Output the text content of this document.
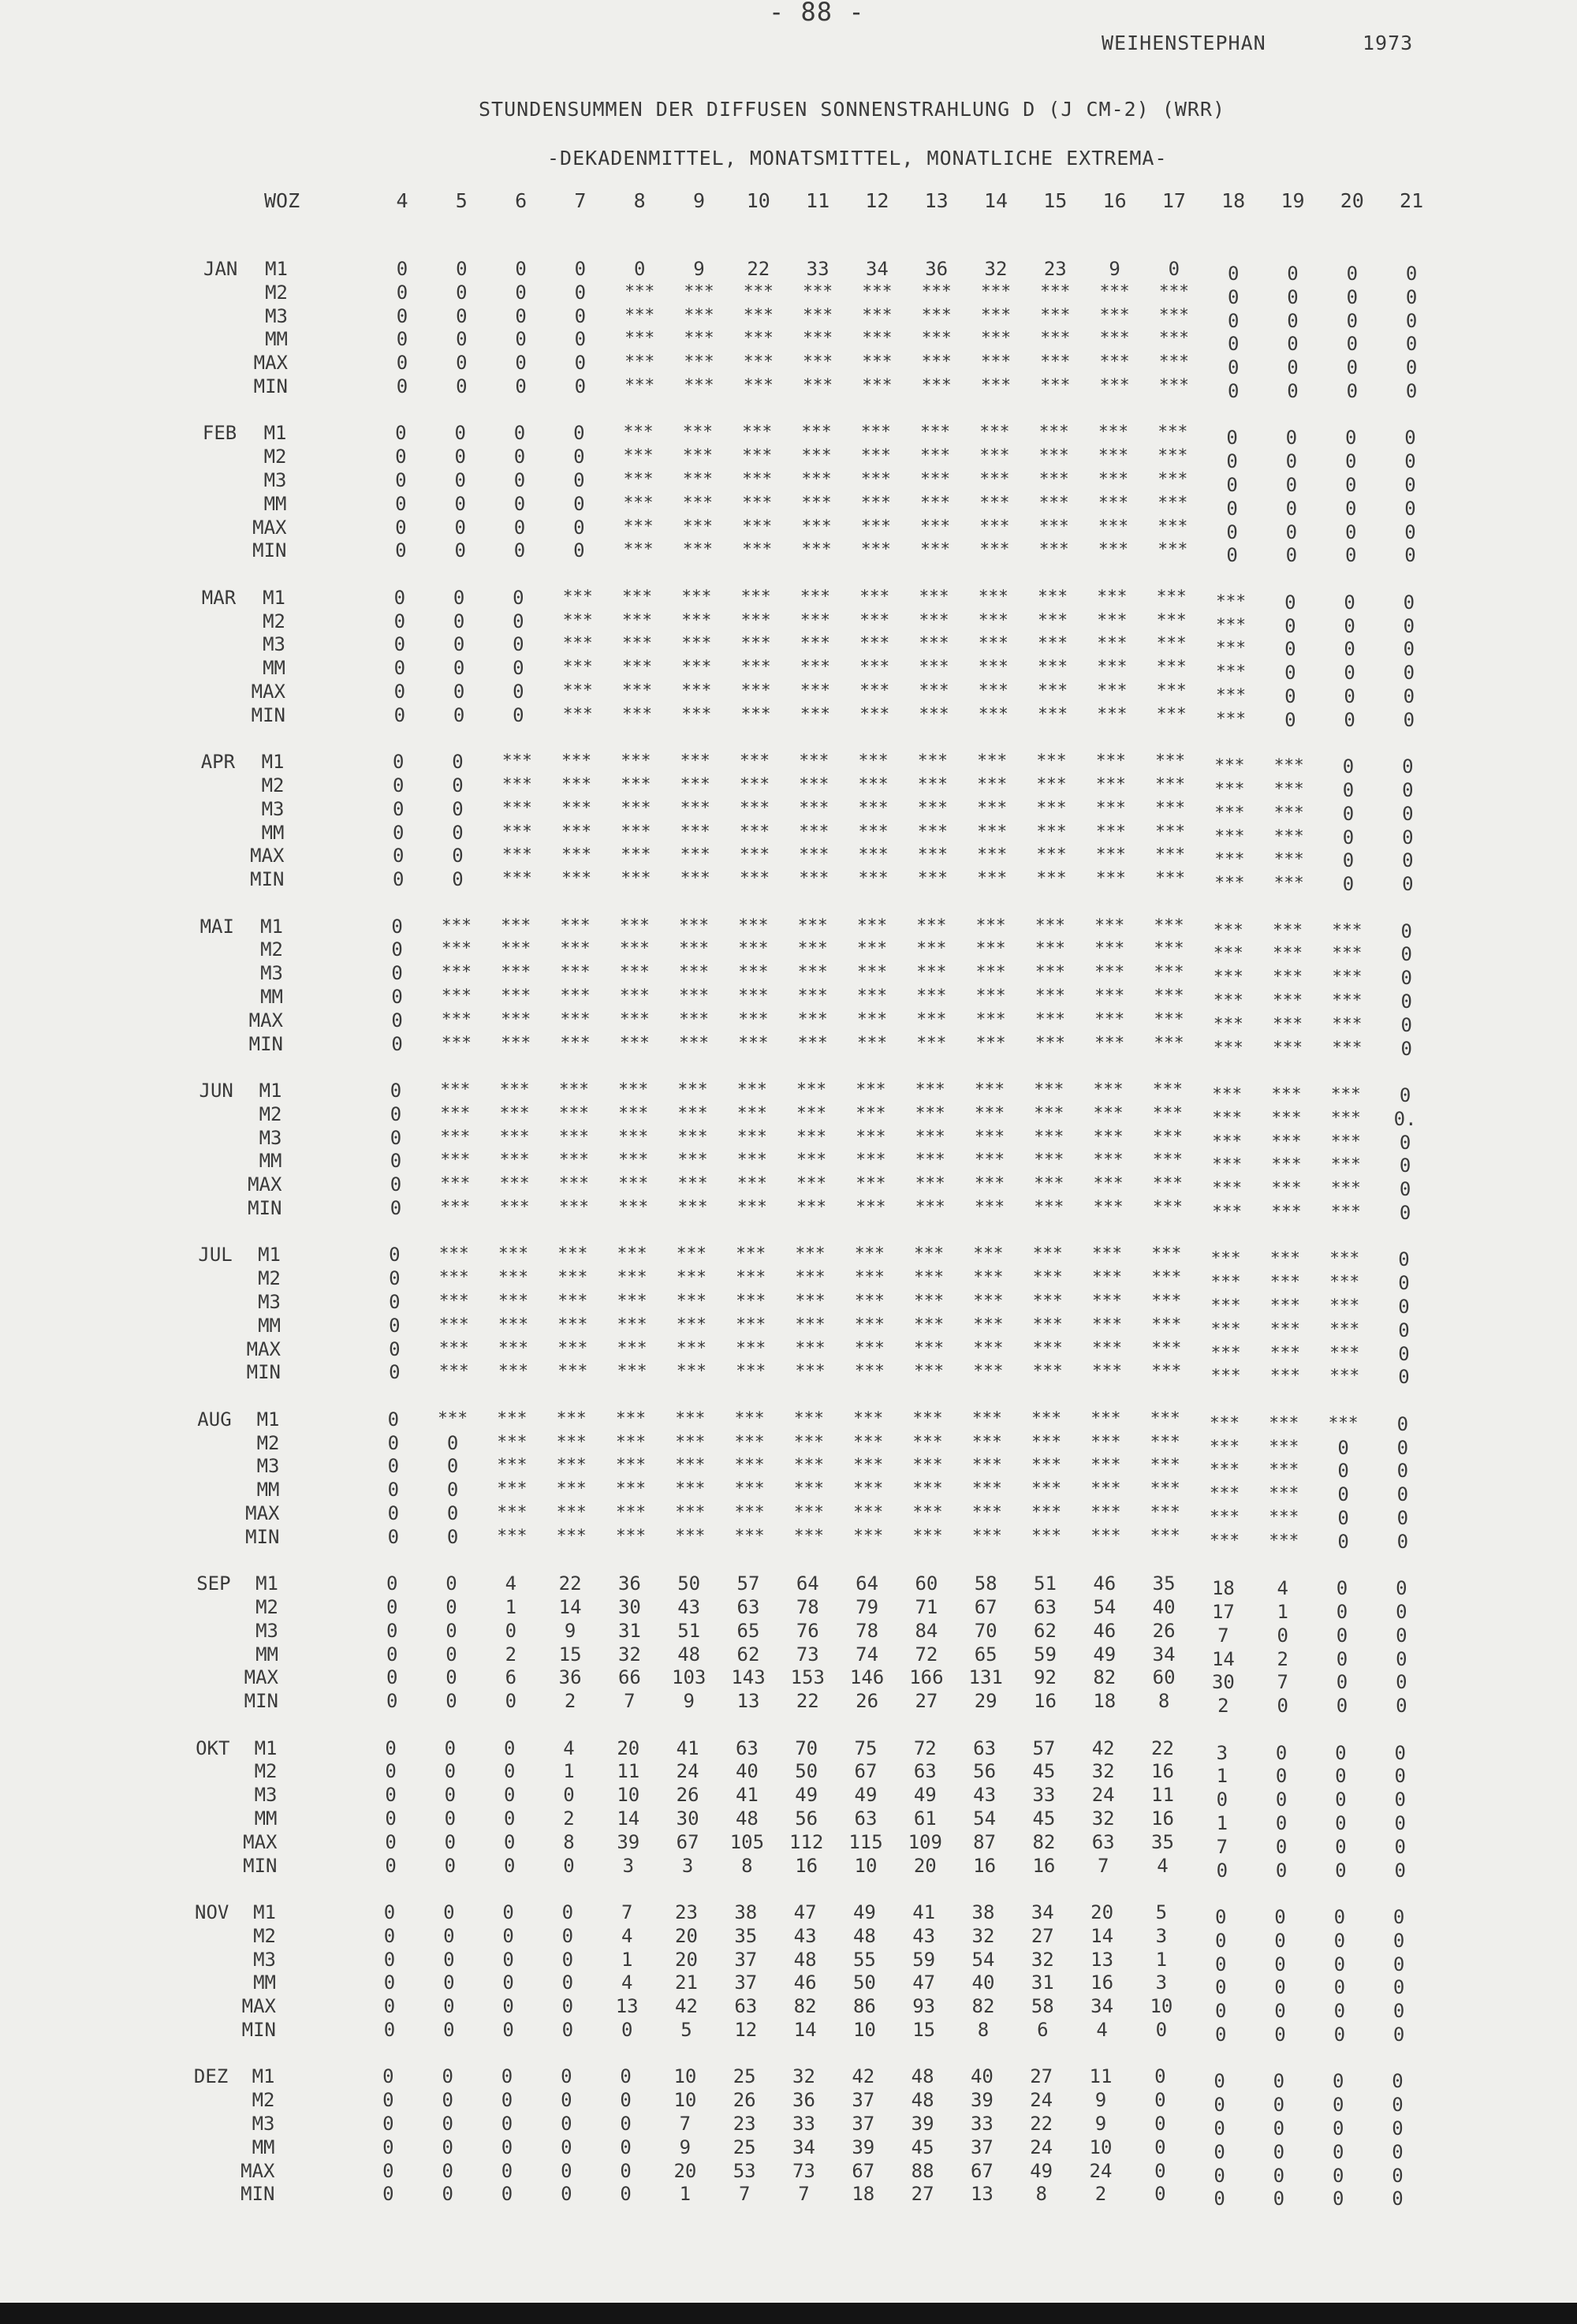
- 88 -
WEIHENSTEPHAN	1973
STUNDENSUMMEN DER DIFFUSEN SONNENSTRAHLUNG D (J CM-2) (WRR)
-DEKADENMITTEL, MONATSMITTEL, MONATLICHE EXTREMA-
WOZ	4	5	6	7	8	9	10	11	12	13	14	15	16	17	18	19	20	21
JAN	M1	0	0	0	0	0	9	22	33	34	36	32	23	9	0	0	0	0	0
M2	0	0	0	0	***	***	***	***	***	***	***	***	***	***	0	0	0	0
M3	0	0	0	0	***	***	***	***	***	***	***	***	***	***	0	0	0	0
MM	0	0	0	0	***	***	***	***	***	***	***	***	***	***	0	0	0	0
MAX	0	0	0	0	***	***	***	***	***	***	***	***	***	***	0	0	0	0
MIN	0	0	0	0	***	***	***	***	***	***	***	***	***	***	0	0	0	0
FEB	M1	0	0	0	0	***	***	***	***	***	***	***	***	***	***	0	0	0	0
M2	0	0	0	0	***	***	***	***	***	***	***	***	***	***	0	0	0	0
M3	0	0	0	0	***	***	***	***	***	***	***	***	***	***	0	0	0	0
MM	0	0	0	0	***	***	***	***	***	***	***	***	***	***	0	0	0	0
MAX	0	0	0	0	***	***	***	***	***	***	***	***	***	***	0	0	0	0
MIN	0	0	0	0	***	***	***	***	***	***	***	***	***	***	0	0	0	0
MAR	M1	0	0	0	***	***	***	***	***	***	***	***	***	***	***	***	0	0	0
M2	0	0	0	***	***	***	***	***	***	***	***	***	***	***	***	0	0	0
M3	0	0	0	***	***	***	***	***	***	***	***	***	***	***	***	0	0	0
MM	0	0	0	***	***	***	***	***	***	***	***	***	***	***	***	0	0	0
MAX	0	0	0	***	***	***	***	***	***	***	***	***	***	***	***	0	0	0
MIN	0	0	0	***	***	***	***	***	***	***	***	***	***	***	***	0	0	0
APR	M1	0	0	***	***	***	***	***	***	***	***	***	***	***	***	***	***	0	0
M2	0	0	***	***	***	***	***	***	***	***	***	***	***	***	***	***	0	0
M3	0	0	***	***	***	***	***	***	***	***	***	***	***	***	***	***	0	0
MM	0	0	***	***	***	***	***	***	***	***	***	***	***	***	***	***	0	0
MAX	0	0	***	***	***	***	***	***	***	***	***	***	***	***	***	***	0	0
MIN	0	0	***	***	***	***	***	***	***	***	***	***	***	***	***	***	0	0
MAI	M1	0	***	***	***	***	***	***	***	***	***	***	***	***	***	***	***	***	0
M2	0	***	***	***	***	***	***	***	***	***	***	***	***	***	***	***	***	0
M3	0	***	***	***	***	***	***	***	***	***	***	***	***	***	***	***	***	0
MM	0	***	***	***	***	***	***	***	***	***	***	***	***	***	***	***	***	0
MAX	0	***	***	***	***	***	***	***	***	***	***	***	***	***	***	***	***	0
MIN	0	***	***	***	***	***	***	***	***	***	***	***	***	***	***	***	***	0
JUN	M1	0	***	***	***	***	***	***	***	***	***	***	***	***	***	***	***	***	0
M2	0	***	***	***	***	***	***	***	***	***	***	***	***	***	***	***	***	0.
M3	0	***	***	***	***	***	***	***	***	***	***	***	***	***	***	***	***	0
MM	0	***	***	***	***	***	***	***	***	***	***	***	***	***	***	***	***	0
MAX	0	***	***	***	***	***	***	***	***	***	***	***	***	***	***	***	***	0
MIN	0	***	***	***	***	***	***	***	***	***	***	***	***	***	***	***	***	0
JUL	M1	0	***	***	***	***	***	***	***	***	***	***	***	***	***	***	***	***	0
M2	0	***	***	***	***	***	***	***	***	***	***	***	***	***	***	***	***	0
M3	0	***	***	***	***	***	***	***	***	***	***	***	***	***	***	***	***	0
MM	0	***	***	***	***	***	***	***	***	***	***	***	***	***	***	***	***	0
MAX	0	***	***	***	***	***	***	***	***	***	***	***	***	***	***	***	***	0
MIN	0	***	***	***	***	***	***	***	***	***	***	***	***	***	***	***	***	0
AUG	M1	0	***	***	***	***	***	***	***	***	***	***	***	***	***	***	***	***	0
M2	0	0	***	***	***	***	***	***	***	***	***	***	***	***	***	***	0	0
M3	0	0	***	***	***	***	***	***	***	***	***	***	***	***	***	***	0	0
MM	0	0	***	***	***	***	***	***	***	***	***	***	***	***	***	***	0	0
MAX	0	0	***	***	***	***	***	***	***	***	***	***	***	***	***	***	0	0
MIN	0	0	***	***	***	***	***	***	***	***	***	***	***	***	***	***	0	0
SEP	M1	0	0	4	22	36	50	57	64	64	60	58	51	46	35	18	4	0	0
M2	0	0	1	14	30	43	63	78	79	71	67	63	54	40	17	1	0	0
M3	0	0	0	9	31	51	65	76	78	84	70	62	46	26	7	0	0	0
MM	0	0	2	15	32	48	62	73	74	72	65	59	49	34	14	2	0	0
MAX	0	0	6	36	66	103	143	153	146	166	131	92	82	60	30	7	0	0
MIN	0	0	0	2	7	9	13	22	26	27	29	16	18	8	2	0	0	0
OKT	M1	0	0	0	4	20	41	63	70	75	72	63	57	42	22	3	0	0	0
M2	0	0	0	1	11	24	40	50	67	63	56	45	32	16	1	0	0	0
M3	0	0	0	0	10	26	41	49	49	49	43	33	24	11	0	0	0	0
MM	0	0	0	2	14	30	48	56	63	61	54	45	32	16	1	0	0	0
MAX	0	0	0	8	39	67	105	112	115	109	87	82	63	35	7	0	0	0
MIN	0	0	0	0	3	3	8	16	10	20	16	16	7	4	0	0	0	0
NOV	M1	0	0	0	0	7	23	38	47	49	41	38	34	20	5	0	0	0	0
M2	0	0	0	0	4	20	35	43	48	43	32	27	14	3	0	0	0	0
M3	0	0	0	0	1	20	37	48	55	59	54	32	13	1	0	0	0	0
MM	0	0	0	0	4	21	37	46	50	47	40	31	16	3	0	0	0	0
MAX	0	0	0	0	13	42	63	82	86	93	82	58	34	10	0	0	0	0
MIN	0	0	0	0	0	5	12	14	10	15	8	6	4	0	0	0	0	0
DEZ	M1	0	0	0	0	0	10	25	32	42	48	40	27	11	0	0	0	0	0
M2	0	0	0	0	0	10	26	36	37	48	39	24	9	0	0	0	0	0
M3	0	0	0	0	0	7	23	33	37	39	33	22	9	0	0	0	0	0
MM	0	0	0	0	0	9	25	34	39	45	37	24	10	0	0	0	0	0
MAX	0	0	0	0	0	20	53	73	67	88	67	49	24	0	0	0	0	0
MIN	0	0	0	0	0	1	7	7	18	27	13	8	2	0	0	0	0	0
